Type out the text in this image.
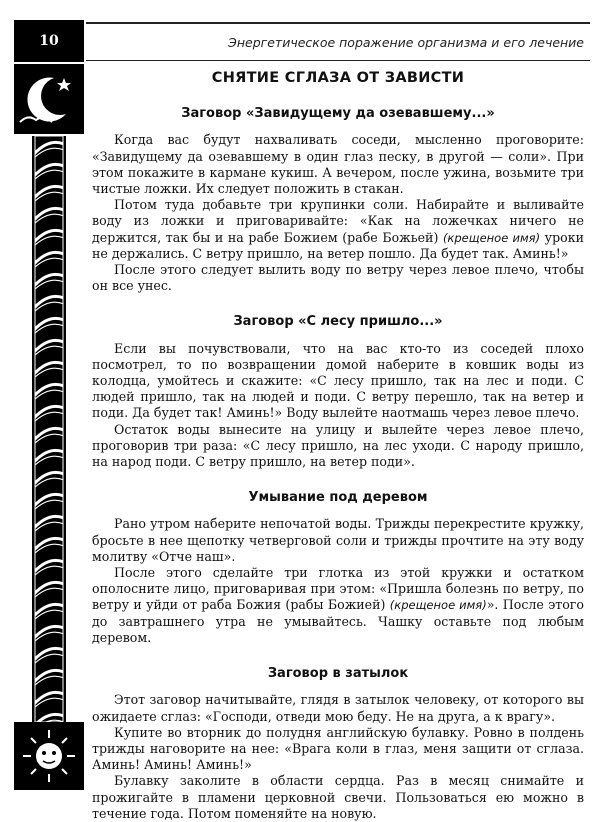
10	Энергетическое поражение организма и его лечение
СНЯТИЕ СГЛАЗА ОТ ЗАВИСТИ
Заговор «Завидущему да озевавшему...»

Когда вас будут нахваливать соседи, мысленно проговорите: «Завидущему да озевавшему в один глаз песку, в другой — соли». При этом покажите в кармане кукиш. А вечером, после ужина, возьмите три чистые ложки. Их следует положить в стакан.

Потом туда добавьте три крупинки соли. Набирайте и выливайте воду из ложки и приговаривайте: «Как на ложечках ничего не держится, так бы и на рабе Божием (рабе Божьей) (крещеное имя) уроки не держались. С ветру пришло, на ветер пошло. Да будет так. Аминь!»

После этого следует вылить воду по ветру через левое плечо, чтобы он все унес.

Заговор «С лесу пришло...»

Если вы почувствовали, что на вас кто-то из соседей плохо посмотрел, то по возвращении домой наберите в ковшик воды из колодца, умойтесь и скажите: «С лесу пришло, так на лес и поди. С людей пришло, так на людей и поди. С ветру перешло, так на ветер и поди. Да будет так! Аминь!» Воду вылейте наотмашь через левое плечо.

Остаток воды вынесите на улицу и вылейте через левое плечо, проговорив три раза: «С лесу пришло, на лес уходи. С народу пришло, на народ поди. С ветру пришло, на ветер поди».

Умывание под деревом

Рано утром наберите непочатой воды. Трижды перекрестите кружку, бросьте в нее щепотку четверговой соли и трижды прочтите на эту воду молитву «Отче наш».

После этого сделайте три глотка из этой кружки и остатком ополосните лицо, приговаривая при этом: «Пришла болезнь по ветру, по ветру и уйди от раба Божия (рабы Божией) (крещеное имя)». После этого до завтрашнего утра не умывайтесь. Чашку оставьте под любым деревом.

Заговор в затылок

Этот заговор начитывайте, глядя в затылок человеку, от которого вы ожидаете сглаз: «Господи, отведи мою беду. Не на друга, а к врагу».

Купите во вторник до полудня английскую булавку. Ровно в полдень трижды наговорите на нее: «Врага коли в глаз, меня защити от сглаза. Аминь! Аминь! Аминь!»

Булавку заколите в области сердца. Раз в месяц снимайте и прожигайте в пламени церковной свечи. Пользоваться ею можно в течение года. Потом поменяйте на новую.
